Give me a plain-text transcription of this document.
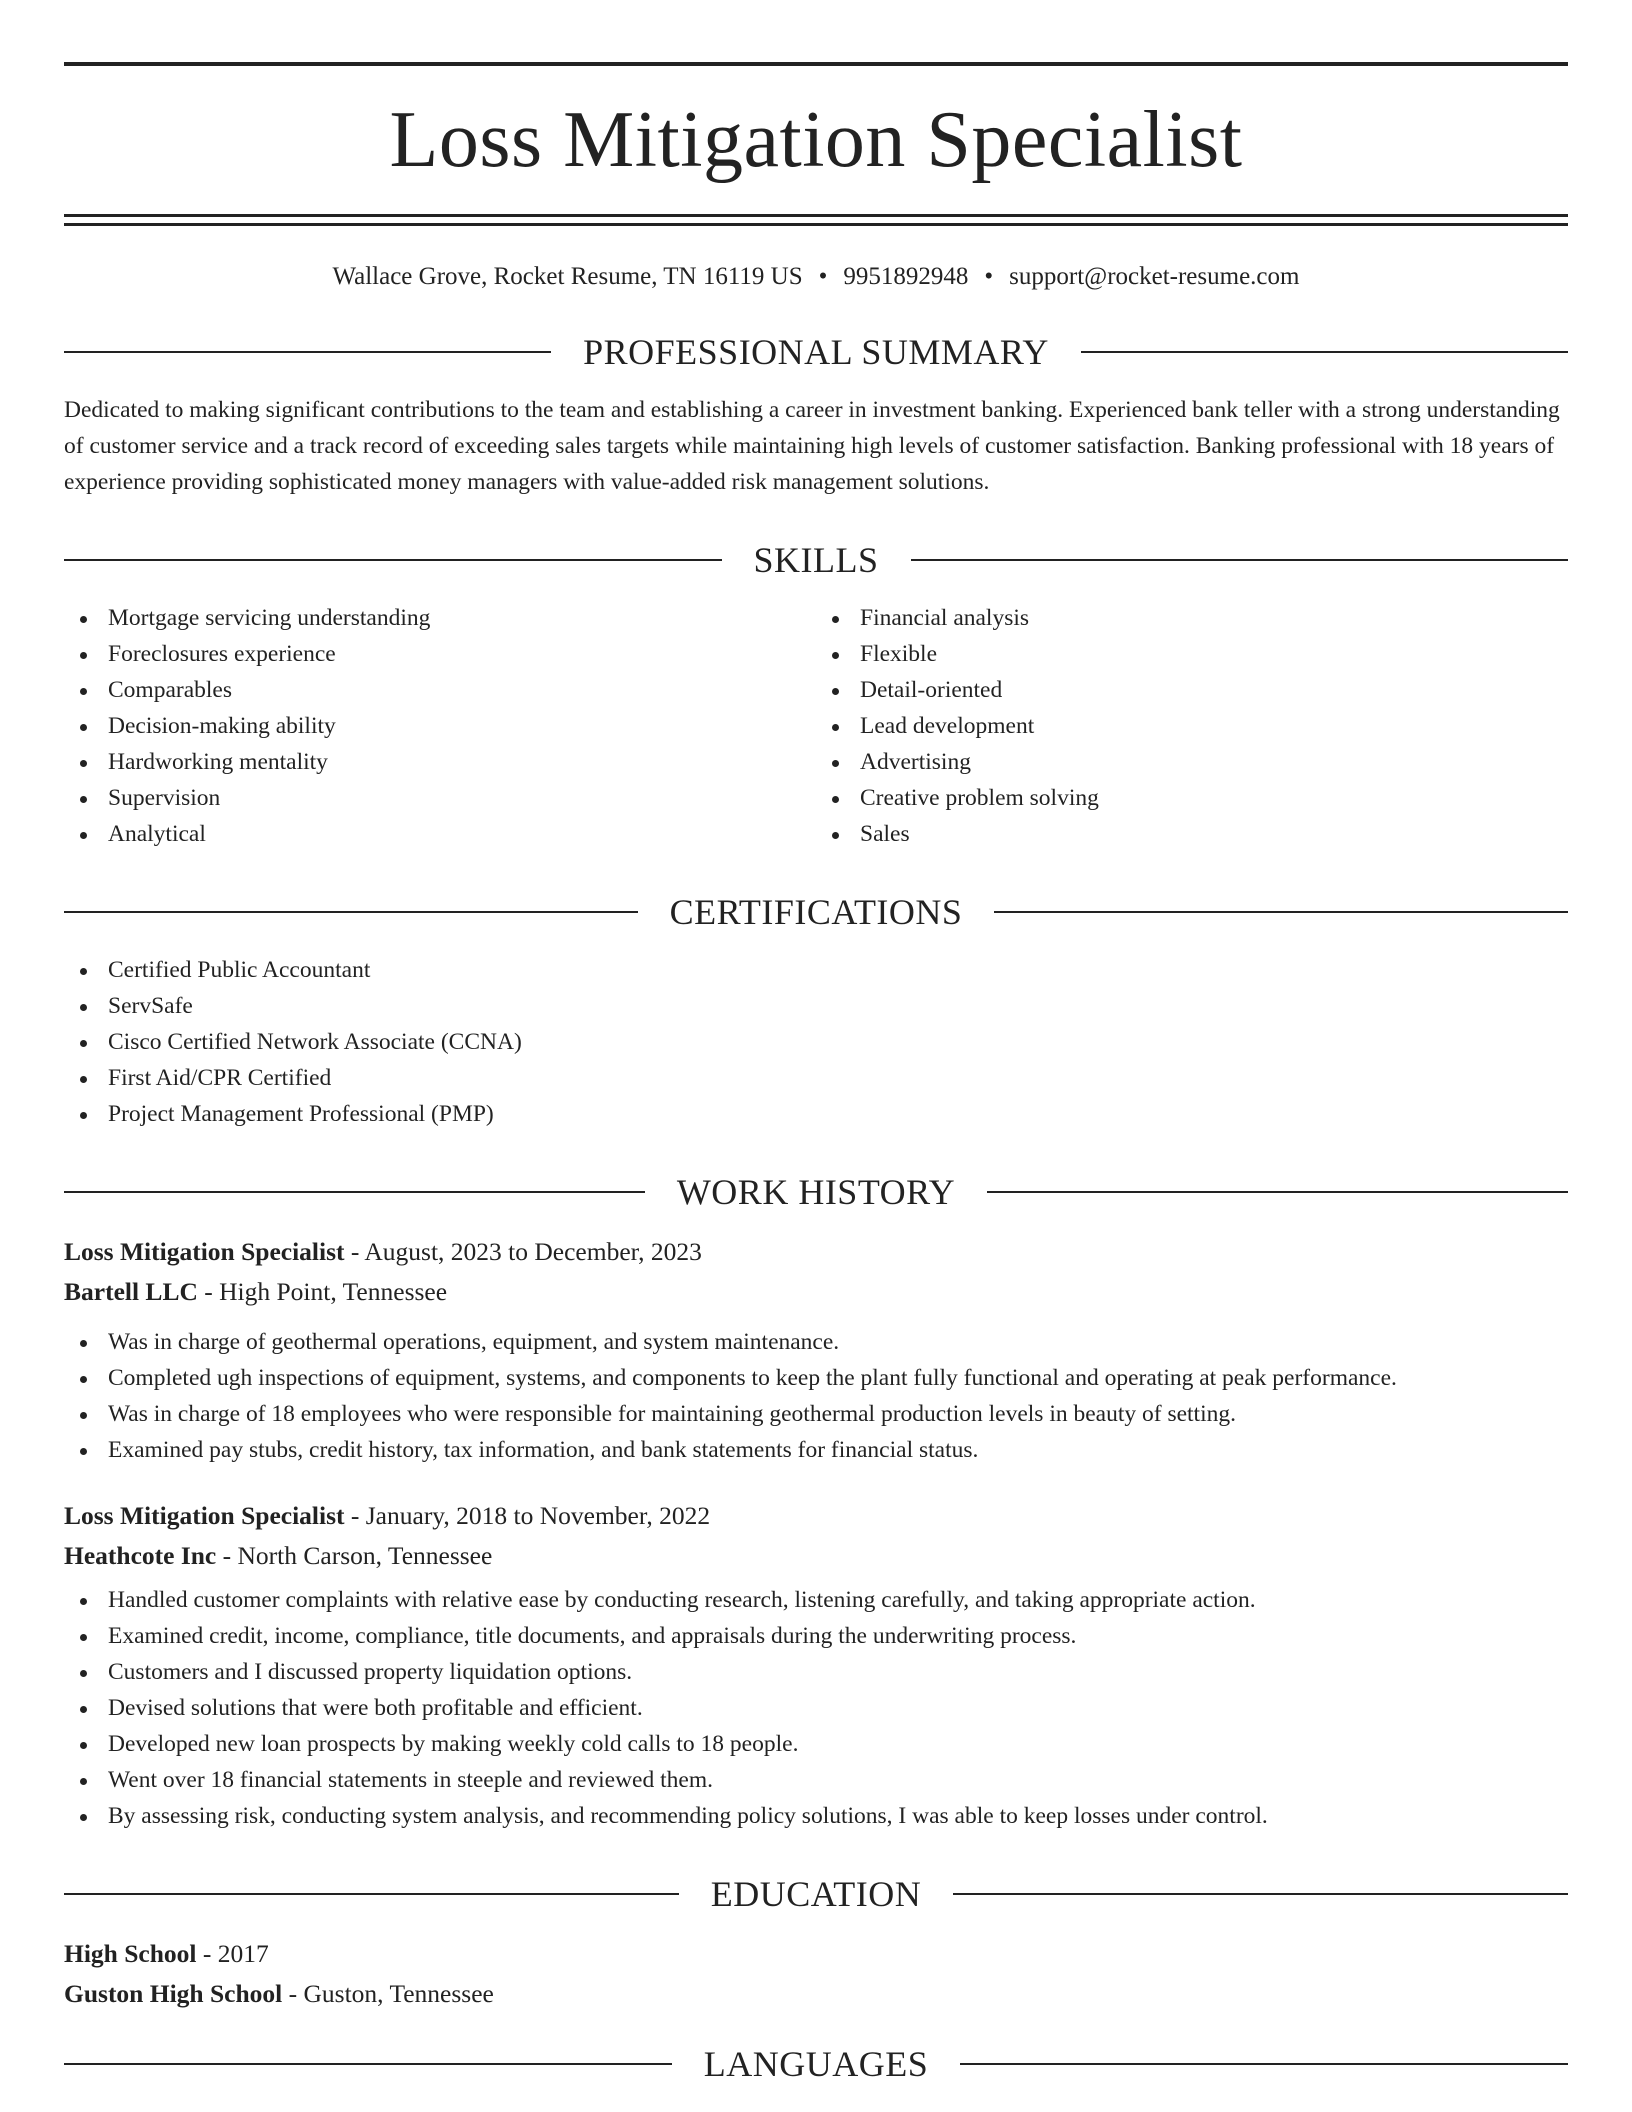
Loss Mitigation Specialist
Wallace Grove, Rocket Resume, TN 16119 US • 9951892948 • support@rocket-resume.com
PROFESSIONAL SUMMARY

Dedicated to making significant contributions to the team and establishing a career in investment banking. Experienced bank teller with a strong understanding of customer service and a track record of exceeding sales targets while maintaining high levels of customer satisfaction. Banking professional with 18 years of experience providing sophisticated money managers with value-added risk management solutions.

SKILLS
Mortgage servicing understanding
Foreclosures experience
Comparables
Decision-making ability
Hardworking mentality
Supervision
Analytical
Financial analysis
Flexible
Detail-oriented
Lead development
Advertising
Creative problem solving
Sales
CERTIFICATIONS
Certified Public Accountant
ServSafe
Cisco Certified Network Associate (CCNA)
First Aid/CPR Certified
Project Management Professional (PMP)
WORK HISTORY
Loss Mitigation Specialist - August, 2023 to December, 2023
Bartell LLC - High Point, Tennessee
Was in charge of geothermal operations, equipment, and system maintenance.
Completed ugh inspections of equipment, systems, and components to keep the plant fully functional and operating at peak performance.
Was in charge of 18 employees who were responsible for maintaining geothermal production levels in beauty of setting.
Examined pay stubs, credit history, tax information, and bank statements for financial status.
Loss Mitigation Specialist - January, 2018 to November, 2022
Heathcote Inc - North Carson, Tennessee
Handled customer complaints with relative ease by conducting research, listening carefully, and taking appropriate action.
Examined credit, income, compliance, title documents, and appraisals during the underwriting process.
Customers and I discussed property liquidation options.
Devised solutions that were both profitable and efficient.
Developed new loan prospects by making weekly cold calls to 18 people.
Went over 18 financial statements in steeple and reviewed them.
By assessing risk, conducting system analysis, and recommending policy solutions, I was able to keep losses under control.
EDUCATION
High School - 2017
Guston High School - Guston, Tennessee
LANGUAGES
